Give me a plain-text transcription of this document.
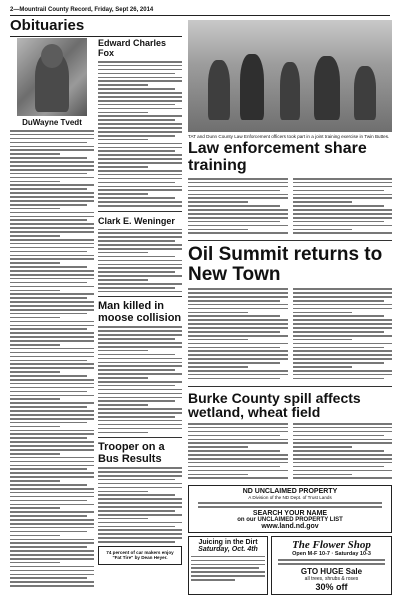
2—Mountrail County Record, Friday, Sept 26, 2014
Obituaries
DuWayne Tvedt
Edward Charles Fox
Clark E. Weninger
Man killed in moose collision
Trooper on a Bus Results
74 percent of car makers enjoy "Fat Tire" by Dean Heyer.
TAT and Dunn County Law Enforcement officers took part in a joint training exercise in Twin Buttes.
Law enforcement share training
Oil Summit returns to New Town
Burke County spill affects wetland, wheat field
ND UNCLAIMED PROPERTY
A Division of the ND Dept. of Trust Lands
SEARCH YOUR NAME
on our UNCLAIMED PROPERTY LIST
www.land.nd.gov
Juicing in the Dirt
Saturday, Oct. 4th	The Flower Shop
Open M-F 10-7 · Saturday 10-3
GTO HUGE Sale
all trees, shrubs & roses
30% off
